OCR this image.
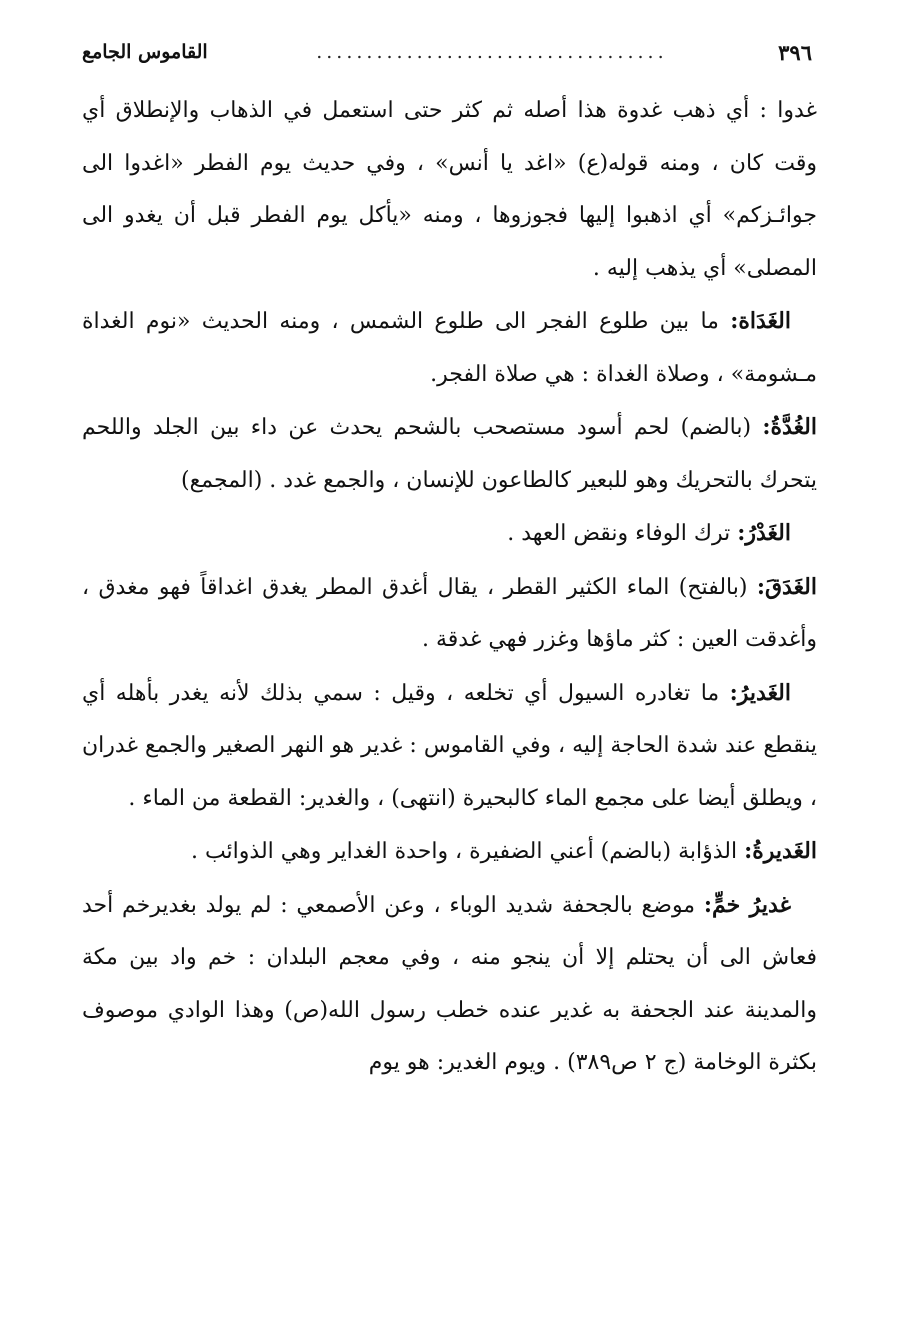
٣٩٦
...................................
القاموس الجامع

غدوا : أي ذهب غدوة هذا أصله ثم كثر حتى استعمل في الذهاب والإنطلاق أي وقت كان ، ومنه قوله(ع) «اغد يا أنس» ، وفي حديث يوم الفطر «اغدوا الى جوائـزكم» أي اذهبوا إليها فجوزوها ، ومنه «يأكل يوم الفطر قبل أن يغدو الى المصلى» أي يذهب إليه .

الغَدَاة: ما بين طلوع الفجر الى طلوع الشمس ، ومنه الحديث «نوم الغداة مـشومة» ، وصلاة الغداة : هي صلاة الفجر.

الغُدَّةُ: (بالضم) لحم أسود مستصحب بالشحم يحدث عن داء بين الجلد واللحم يتحرك بالتحريك وهو للبعير كالطاعون للإنسان ، والجمع غدد . (المجمع)

الغَدْرُ: ترك الوفاء ونقض العهد .

الغَدَقَ: (بالفتح) الماء الكثير القطر ، يقال أغدق المطر يغدق اغداقاً فهو مغدق ، وأغدقت العين : كثر ماؤها وغزر فهي غدقة .

الغَديرُ: ما تغادره السيول أي تخلعه ، وقيل : سمي بذلك لأنه يغدر بأهله أي ينقطع عند شدة الحاجة إليه ، وفي القاموس : غدير هو النهر الصغير والجمع غدران ، ويطلق أيضا على مجمع الماء كالبحيرة (انتهى) ، والغدير: القطعة من الماء .

الغَديرةُ: الذؤابة (بالضم) أعني الضفيرة ، واحدة الغداير وهي الذوائب .

غديرُ خمٍّ: موضع بالجحفة شديد الوباء ، وعن الأصمعي : لم يولد بغديرخم أحد فعاش الى أن يحتلم إلا أن ينجو منه ، وفي معجم البلدان : خم واد بين مكة والمدينة عند الجحفة به غدير عنده خطب رسول الله(ص) وهذا الوادي موصوف بكثرة الوخامة (ج ٢ ص٣٨٩) . ويوم الغدير: هو يوم
